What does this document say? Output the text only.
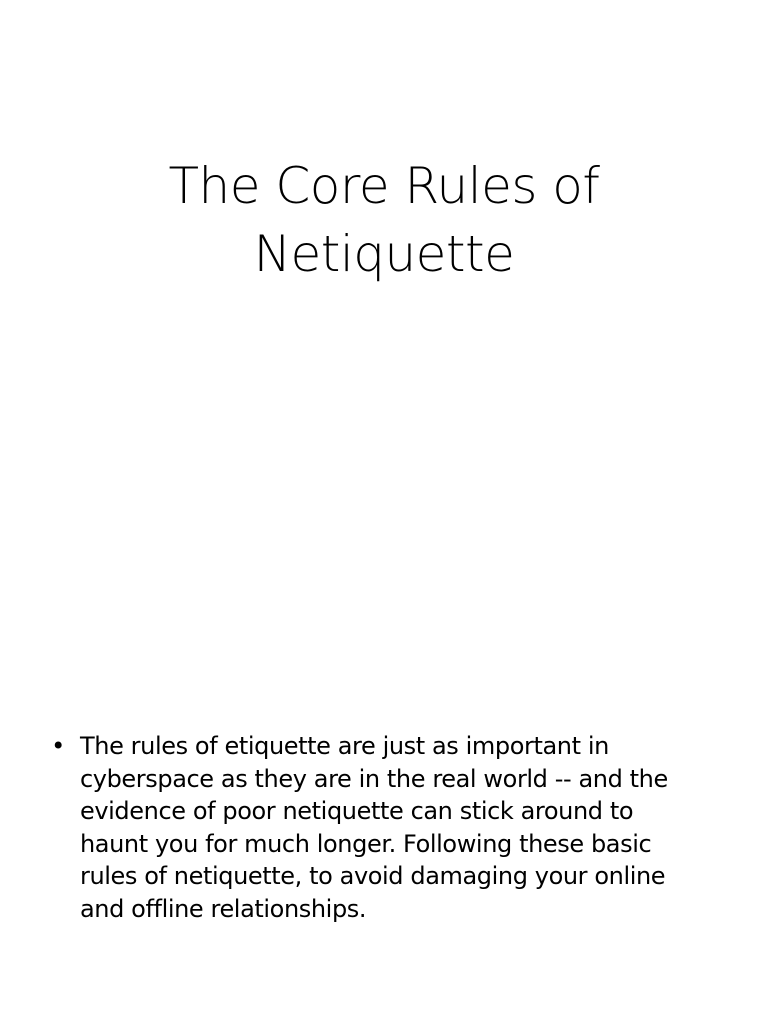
The Core Rules of
Netiquette
• The rules of etiquette are just as important in
cyberspace as they are in the real world -- and the
evidence of poor netiquette can stick around to
haunt you for much longer. Following these basic
rules of netiquette, to avoid damaging your online
and offline relationships.
